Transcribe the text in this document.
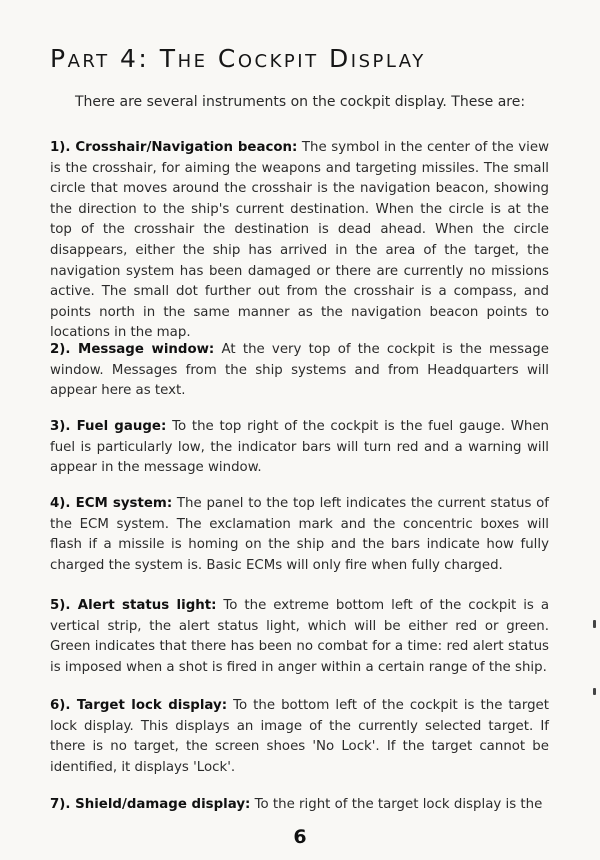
Part 4: The Cockpit Display
There are several instruments on the cockpit display. These are:
1). Crosshair/Navigation beacon: The symbol in the center of the view is the crosshair, for aiming the weapons and targeting missiles. The small circle that moves around the crosshair is the navigation beacon, showing the direction to the ship's current destination. When the circle is at the top of the crosshair the destination is dead ahead. When the circle disappears, either the ship has arrived in the area of the target, the navigation system has been damaged or there are currently no missions active. The small dot further out from the crosshair is a compass, and points north in the same manner as the navigation beacon points to locations in the map.
2). Message window: At the very top of the cockpit is the message window. Messages from the ship systems and from Headquarters will appear here as text.
3). Fuel gauge: To the top right of the cockpit is the fuel gauge. When fuel is particularly low, the indicator bars will turn red and a warning will appear in the message window.
4). ECM system: The panel to the top left indicates the current status of the ECM system. The exclamation mark and the concentric boxes will flash if a missile is homing on the ship and the bars indicate how fully charged the system is. Basic ECMs will only fire when fully charged.
5). Alert status light: To the extreme bottom left of the cockpit is a vertical strip, the alert status light, which will be either red or green. Green indicates that there has been no combat for a time: red alert status is imposed when a shot is fired in anger within a certain range of the ship.
6). Target lock display: To the bottom left of the cockpit is the target lock display. This displays an image of the currently selected target. If there is no target, the screen shoes 'No Lock'. If the target cannot be identified, it displays 'Lock'.
7). Shield/damage display: To the right of the target lock display is the
6
